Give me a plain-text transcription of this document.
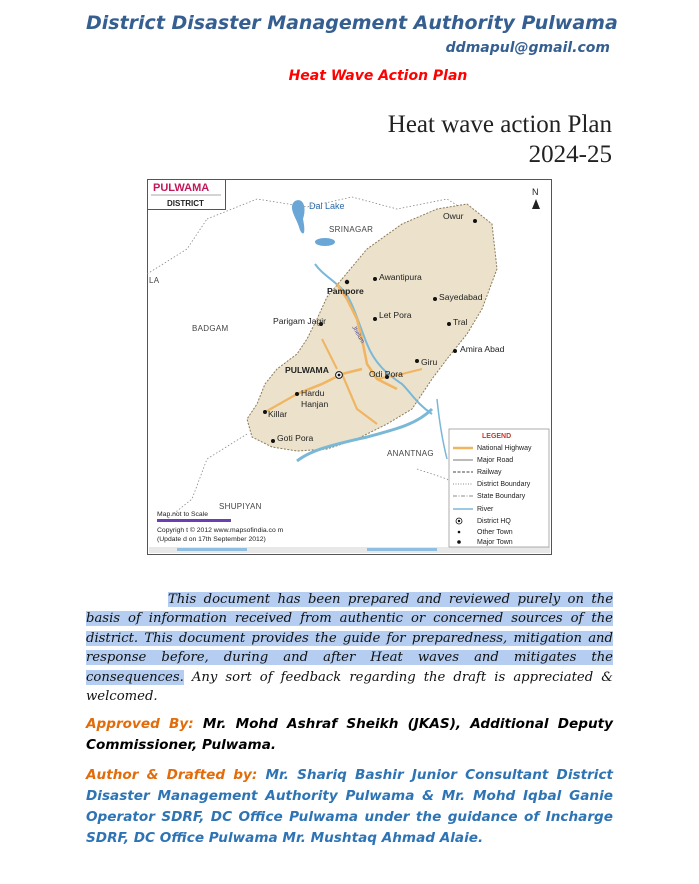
District Disaster Management Authority Pulwama
ddmapul@gmail.com
Heat Wave Action Plan
Heat wave action Plan
2024-25
PULWAMA
DISTRICT
N
Dal Lake
SRINAGAR
BADGAM
ANANTNAG
SHUPIYAN
LA
Jhelum
Owur
Awantipura
Pampore
Sayedabad
Parigam Jagir
Let Pora
Tral
Amira Abad
Giru
PULWAMA	Odi Pora
Hardu
Hanjan
Killar
Goti Pora	LEGEND
National Highway
Major Road
Railway
District Boundary
State Boundary
River
District HQ
Other Town
Major Town
Map not to Scale
Copyrigh t © 2012 www.mapsofindia.co m
(Update d on 17th September 2012)
This document has been prepared and reviewed purely on the basis of information received from authentic or concerned sources of the district. This document provides the guide for preparedness, mitigation and response before, during and after Heat waves and mitigates the consequences. Any sort of feedback regarding the draft is appreciated & welcomed.
Approved By: Mr. Mohd Ashraf Sheikh (JKAS), Additional Deputy Commissioner, Pulwama.
Author & Drafted by: Mr. Shariq Bashir Junior Consultant District Disaster Management Authority Pulwama & Mr. Mohd Iqbal Ganie Operator SDRF, DC Office Pulwama under the guidance of Incharge SDRF, DC Office Pulwama Mr. Mushtaq Ahmad Alaie.
